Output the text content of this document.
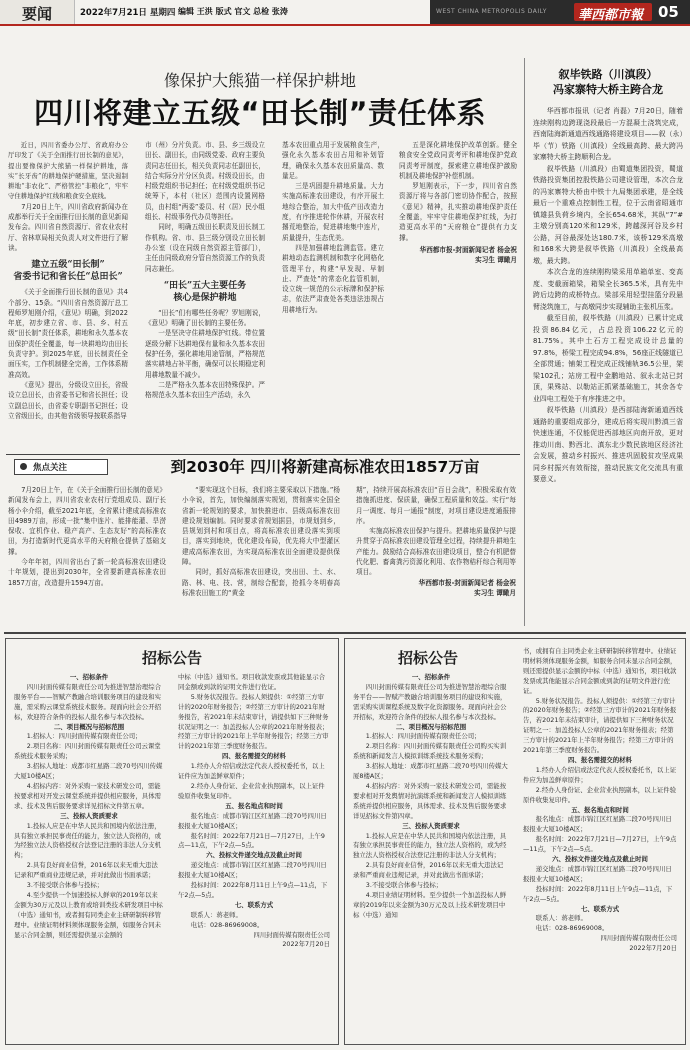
要闻	2022年7月21日 星期四 编辑 王洪 版式 官文 总检 张涛	WEST CHINA METROPOLIS DAILY 華西都市報 05
像保护大熊猫一样保护耕地
四川将建立五级“田长制”责任体系

近日，四川省委办公厅、省政府办公厅印发了《关于全面推行田长制的意见》，提出要像保护大熊猫一样保护耕地，落实“长牙齿”的耕地保护硬措施，坚决遏制耕地“非农化”、严格管控“非粮化”，牢牢守住耕地保护红线和粮食安全底线。

7月20日上午，四川省政府新闻办在成都举行关于全面推行田长制的意见新闻发布会。四川省自然资源厅、省农业农村厅、省林草局相关负责人对文件进行了解读。

建立五级“田长制”
省委书记和省长任“总田长”

《关于全面推行田长制的意见》共4个部分、15条。“四川省自然资源厅总工程师罗旭刚介绍，《意见》明确，到2022年底，初步建立省、市、县、乡、村五级“田长制”责任体系，耕地和永久基本农田保护责任全覆盖，每一块耕地均由田长负责守护。到2025年底，田长制责任全面压实，工作机制健全完善，工作体系精准高效。

《意见》提出，分级设立田长，省级设立总田长，由省委书记和省长担任；设立副总田长，由省委专职副书记担任；设立省级田长，由其他省级领导按联系指导

市（州）分片负责。市、县、乡三级设立田长、副田长，由同级党委、政府主要负责同志任田长，相关负责同志任副田长，结合实际分片分区负责。村级设田长，由村级党组织书记担任；在村级党组织书记统筹下，本村（社区）范围内设置网格员，由村组“两委”委员、村（居）民小组组长、村级事务代办员等担任。

同时，明确五级田长职责及田长制工作机构。省、市、县三级分别设立田长制办公室（设在同级自然资源主管部门），主任由同级政府分管自然资源工作的负责同志兼任。

“田长”五大主要任务
核心是保护耕地

“田长”们有哪些任务呢？罗旭刚说，《意见》明确了田长制的主要任务。

一是坚决守住耕地保护红线。带位置逐级分解下达耕地保有量和永久基本农田保护任务，强化耕地用途管制，严格规范落实耕地占补平衡，确保可以长期稳定利用耕地数量不减少。

二是严格永久基本农田特殊保护。严格规范永久基本农田生产活动，永久

基本农田重点用于发展粮食生产，强化永久基本农田占用和补划管理，确保永久基本农田质量高、数量足。

三是巩固提升耕地质量。大力实施高标准农田建设，有序开展土地综合整治，加大中低产田改造力度，有序推进轮作休耕，开展农村撂荒地整治，促进耕地集中连片，质量提升，生态优美。

四是加强耕地监测监管。建立耕地动态监测机制和数字化网格化管理平台，构建“早发现、早制止、严查处”的常态化监管机制，设立统一规范的公示标牌和保护标志，依法严肃查处各类违法违规占用耕地行为。

五是深化耕地保护改革创新。健全粮食安全党政同责考评和耕地保护党政同责考评制度，探索建立耕地保护激励机制及耕地保护补偿机制。

罗旭刚表示，下一步，四川省自然资源厅将与各部门密切协作配合，按照《意见》精神，扎实推动耕地保护责任全覆盖，牢牢守住耕地保护红线，为打造更高水平的“天府粮仓”提供有力支撑。

华西都市报-封面新闻记者 杨金祝
实习生 谭瞰月
叙毕铁路（川滇段）
冯家寨特大桥主跨合龙

华西都市报讯（记者 肖磊）7月20日，随着连续刚构边跨现浇段最后一方混凝土浇筑完成，西南陆海新通道西线通路将建设项目——叙（永）毕（节）铁路（川滇段）全线最高跨、最大跨冯家寨特大桥主跨顺利合龙。

叙毕铁路（川滇段）由蜀道集团投资，蜀道铁路投资集团控股铁路公司建设管理，本次合龙的冯家寨特大桥由中铁十九局集团承建，是全线最后一个重难点控制性工程，位于云南省昭通市镇雄县负荷乡境内，全长654.68米，其纵“7”#主墩分别高120米和129米，跨越深河谷及乡村公路，河谷最深处达180.7米，该桥129米高墩和168米大跨是叙毕铁路（川滇段）全线最高墩，最大跨。

本次合龙的连续刚构梁采用单箱单室、变高度、变截面箱梁，箱梁全长365.5米，具有先中跨后边跨的成桥特点。梁部采用轻型挂篮分段悬臂浇筑施工，与高墩同步实现辅助主张机压浆。

截至目前，叙毕铁路（川滇段）已累计完成投资86.84亿元，占总投资106.22亿元的81.75%。其中土石方工程完成设计总量的97.8%，桥梁工程完成94.8%，56座正线隧道已全部贯通；铺架工程完成正线铺轨36.5公里，架梁102孔；站房工程中金鹏地站、叙永北站已封顶，果殊站、以勒站正抓紧基础施工，其余各专业四电工程处于有序推进之中。

叙毕铁路（川滇段）是西部陆海新通道西线通路的重要组成部分，建成后将实现川黔滇三省快速连通，不仅能促进西部地区向南开放，更对推动川南、黔西北、滇东北少数民族地区经济社会发展，推动乡村振兴、推进巩固脱贫攻坚成果同乡村振兴有效衔接，推动民族文化交流具有重要意义。

焦点关注	到2030年 四川将新建高标准农田1857万亩

7月20日上午，在《关于全面推行田长制的意见》新闻发布会上，四川省农业农村厅党组成员、副厅长杨小伞介绍，截至2021年底，全省累计建成高标准农田4989万亩，形成一批“集中连片、能排能灌、旱涝保收、宜机作业、稳产高产、生态友好”的高标准农田，为打造新时代更高水平的天府粮仓提供了基础支撑。

今年年初，四川省出台了新一轮高标准农田建设十年规划，提出到2030年，全省要新建高标准农田1857万亩，改造提升1594万亩。

“要实现这个目标，我们将主要采取以下措施。”杨小伞说，首先，加快编制落实规划，贯彻落实全国全省新一轮规划的要求，加快推进市、县级高标准农田建设规划编制。同时要求省规划据县，市规划到乡，县规划到村和项目点，将高标准农田建设落实到项目，落实到地块，优化建设布局，优先将大中型灌区建成高标准农田，为实现高标准农田全面建设提供保障。

同时，抓好高标准农田建设，突出田、土、水、路、林、电、技、营，制综合配套，抢抓今冬明春高标准农田施工的“黄金

期”，持续开展高标准农田“百日会战”，积极采取有效措施抓进度、保质量，确保工程质量和效益。实行“每月一调度、每月一通报”制度，对项目建设进度通报排序。

实施高标准农田保护与提升。把耕地质量保护与提升贯穿于高标准农田建设管理全过程，持续提升耕地生产能力。鼓励结合高标准农田建设项目，整合有机肥替代化肥、畜禽粪污资源化利用、农作物秸秆综合利用等项目。

华西都市报-封面新闻记者 杨金祝
实习生 谭瞰月
招标公告

一、招标条件

　　四川封面传媒有限责任公司为推进智慧治理综合服务平台——智赋产教融合培训服务项目的建设和实施，需采购云课堂系统技术服务。现面向社会公开招标，欢迎符合条件的投标人报名参与本次投标。

二、项目概况与招标范围

　　1.招标人：四川封面传媒有限责任公司；

　　2.项目名称：四川封面传媒有限责任公司云课堂系统技术服务采购；

　　3.招标人地址：成都市红星路二段70号四川传媒大厦10楼A区；

　　4.招标内容：对外采购一家技术研发公司，需能按要求相对开发云课堂系统并提供相应服务，具体需求、技术及售后服务要求详见招标文件第五章。

三、投标人资质要求

　　1.投标人应是在中华人民共和国境内依法注册，具有独立承担民事责任的能力，独立法人资格的，或为经独立法人资格授权合法登记注册的非法人分支机构；

　　2.具有良好商业信誉，2016年以来无重大违法记录和严重商业违规记录，并对此做出书面承诺；

　　3.不接受联合体参与投标；

　　4.至少提供一个加速投标人鲜章的2019年以来金额为30万元及以上教育或培训类技术研发项目中标（中选）通知书，或者拥有同类企业主研研制转移管理中。业绩证明材料须体现服务金额，如服务合同未显示合同金额，则还需提供显示金额的

中标（中选）通知书。项目收款发票或其他能显示合同金额或到款的证明文件进行佐证。

　　5.财务状况报告。投标人须提供：①经第三方审计的2020年财务报告；②经第三方审计的2021年财务报告，若2021年未结束审计，请提供如下三种财务状况证明之一：加盖投标人公章的2021年财务报表；经第三方审计的2021年上半年财务报告；经第三方审计的2021年第三季度财务报告。

四、报名需提交的材料

　　1.经办人介绍信或法定代表人授权委托书，以上证件应为加盖鲜章原件；

　　2.经办人身份证、企业营业执照副本，以上证件验原件收集复印件。

五、报名地点和时间

　　报名地点：成都市锦江区红星路二段70号四川日报报业大厦10楼A区；

　　报名时间：2022年7月21日—7月27日，上午9点—11点，下午2点—5点。

六、投标文件递交地点及截止时间

　　递交地点：成都市锦江区红星路二段70号四川日报报业大厦10楼A区；

　　投标时间：2022年8月11日上午9点—11点，下午2点—5点。

七、联系方式

　　联系人：蒋老师。

　　电话：028-86969008。

四川封面传媒有限责任公司

2022年7月20日

招标公告

一、招标条件

　　四川封面传媒有限责任公司为推进智慧治理综合服务平台——智赋产教融合培训服务项目的建设和实施，需采购实训课程系统及数字化资源服务。现面向社会公开招标，欢迎符合条件的投标人报名参与本次投标。

二、项目概况与招标范围

　　1.招标人：四川封面传媒有限责任公司；

　　2.项目名称：四川封面传媒有限责任公司购买实训系统和新闻发言人模拟训练系统技术服务采购；

　　3.招标人地址：成都市红星路二段70号四川传媒大厦8楼A区；

　　4.招标内容：对外采购一家技术研发公司，需能按要求相对开发舆情对抗演练系统和新闻发言人模拟训练系统并提供相应服务，具体需求、技术及售后服务要求详见招标文件第四章。

三、投标人资质要求

　　1.投标人应是在中华人民共和国境内依法注册，具有独立承担民事责任的能力，独立法人资格的，或为经独立法人资格授权合法登记注册的非法人分支机构；

　　2.具有良好商业信誉，2016年以来无重大违法记录和严重商业违规记录，并对此做出书面承诺；

　　3.不接受联合体参与投标；

　　4.项目业绩证明材料。至少提供一个加盖投标人鲜章的2019年以来金额为30万元及以上技术研发项目中标（中选）通知

书，或拥有自主同类企业主研研制转移管理中。业绩证明材料须体现服务金额，如服务合同未显示合同金额，则还需提供显示金额的中标（中选）通知书，项目收款发票或其他能显示合同金额或到款的证明文件进行佐证。

　　5.财务状况报告。投标人须提供：①经第三方审计的2020年财务报告；②经第三方审计的2021年财务报告，若2021年未结束审计，请提供如下三种财务状况证明之一：加盖投标人公章的2021年财务报表；经第三方审计的2021年上半年财务报告；经第三方审计的2021年第三季度财务报告。

四、报名需提交的材料

　　1.经办人介绍信或法定代表人授权委托书，以上证件应为加盖鲜章原件；

　　2.经办人身份证、企业营业执照副本，以上证件验原件收集复印件。

五、报名地点和时间

　　报名地点：成都市锦江区红星路二段70号四川日报报业大厦10楼A区；

　　报名时间：2022年7月21日—7月27日，上午9点—11点，下午2点—5点。

六、投标文件递交地点及截止时间

　　递交地点：成都市锦江区红星路二段70号四川日报报业大厦10楼A区；

　　投标时间：2022年8月11日上午9点—11点，下午2点—5点。

七、联系方式

　　联系人：蒋老师。

　　电话：028-86969008。

四川封面传媒有限责任公司

2022年7月20日
